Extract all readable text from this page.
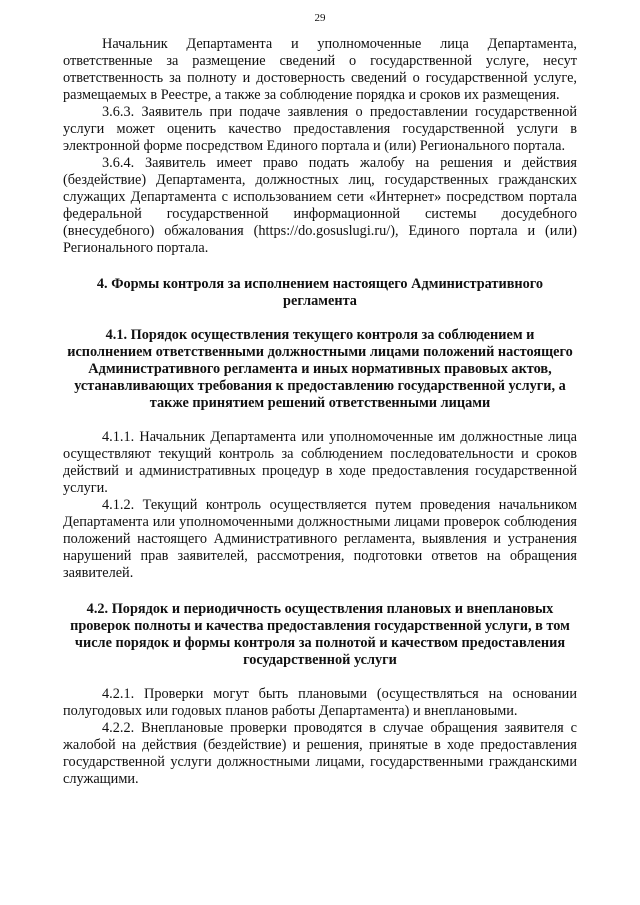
29

Начальник Департамента и уполномоченные лица Департамента, ответственные за размещение сведений о государственной услуге, несут ответственность за полноту и достоверность сведений о государственной услуге, размещаемых в Реестре, а также за соблюдение порядка и сроков их размещения.

3.6.3. Заявитель при подаче заявления о предоставлении государственной услуги может оценить качество предоставления государственной услуги в электронной форме посредством Единого портала и (или) Регионального портала.

3.6.4. Заявитель имеет право подать жалобу на решения и действия (бездействие) Департамента, должностных лиц, государственных гражданских служащих Департамента с использованием сети «Интернет» посредством портала федеральной государственной информационной системы досудебного (внесудебного) обжалования (https://do.gosuslugi.ru/), Единого портала и (или) Регионального портала.

4. Формы контроля за исполнением настоящего Административного регламента
4.1. Порядок осуществления текущего контроля за соблюдением и исполнением ответственными должностными лицами положений настоящего Административного регламента и иных нормативных правовых актов, устанавливающих требования к предоставлению государственной услуги, а также принятием решений ответственными лицами

4.1.1. Начальник Департамента или уполномоченные им должностные лица осуществляют текущий контроль за соблюдением последовательности и сроков действий и административных процедур в ходе предоставления государственной услуги.

4.1.2. Текущий контроль осуществляется путем проведения начальником Департамента или уполномоченными должностными лицами проверок соблюдения положений настоящего Административного регламента, выявления и устранения нарушений прав заявителей, рассмотрения, подготовки ответов на обращения заявителей.

4.2. Порядок и периодичность осуществления плановых и внеплановых проверок полноты и качества предоставления государственной услуги, в том числе порядок и формы контроля за полнотой и качеством предоставления государственной услуги

4.2.1. Проверки могут быть плановыми (осуществляться на основании полугодовых или годовых планов работы Департамента) и внеплановыми.

4.2.2. Внеплановые проверки проводятся в случае обращения заявителя с жалобой на действия (бездействие) и решения, принятые в ходе предоставления государственной услуги должностными лицами, государственными гражданскими служащими.
